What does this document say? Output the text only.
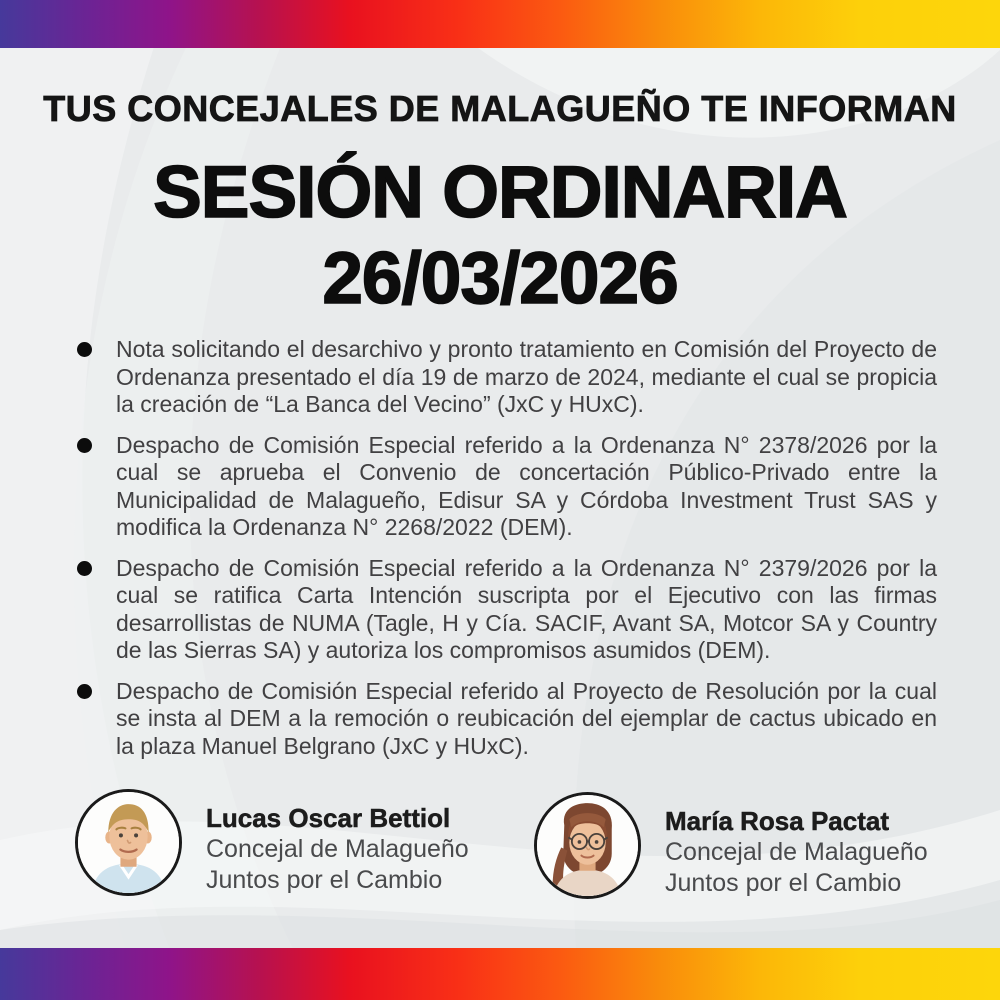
TUS CONCEJALES DE MALAGUEÑO TE INFORMAN
SESIÓN ORDINARIA
26/03/2026
Nota solicitando el desarchivo y pronto tratamiento en Comisión del Proyecto de Ordenanza presentado el día 19 de marzo de 2024, mediante el cual se propicia la creación de “La Banca del Vecino” (JxC y HUxC).
Despacho de Comisión Especial referido a la Ordenanza N° 2378/2026 por la cual se aprueba el Convenio de concertación Público-Privado entre la Municipalidad de Malagueño, Edisur SA y Córdoba Investment Trust SAS y modifica la Ordenanza N° 2268/2022 (DEM).
Despacho de Comisión Especial referido a la Ordenanza N° 2379/2026 por la cual se ratifica Carta Intención suscripta por el Ejecutivo con las firmas desarrollistas de NUMA (Tagle, H y Cía. SACIF, Avant SA, Motcor SA y Country de las Sierras SA) y autoriza los compromisos asumidos (DEM).
Despacho de Comisión Especial referido al Proyecto de Resolución por la cual se insta al DEM a la remoción o reubicación del ejemplar de cactus ubicado en la plaza Manuel Belgrano (JxC y HUxC).
Lucas Oscar Bettiol
Concejal de Malagueño
Juntos por el Cambio
María Rosa Pactat
Concejal de Malagueño
Juntos por el Cambio
